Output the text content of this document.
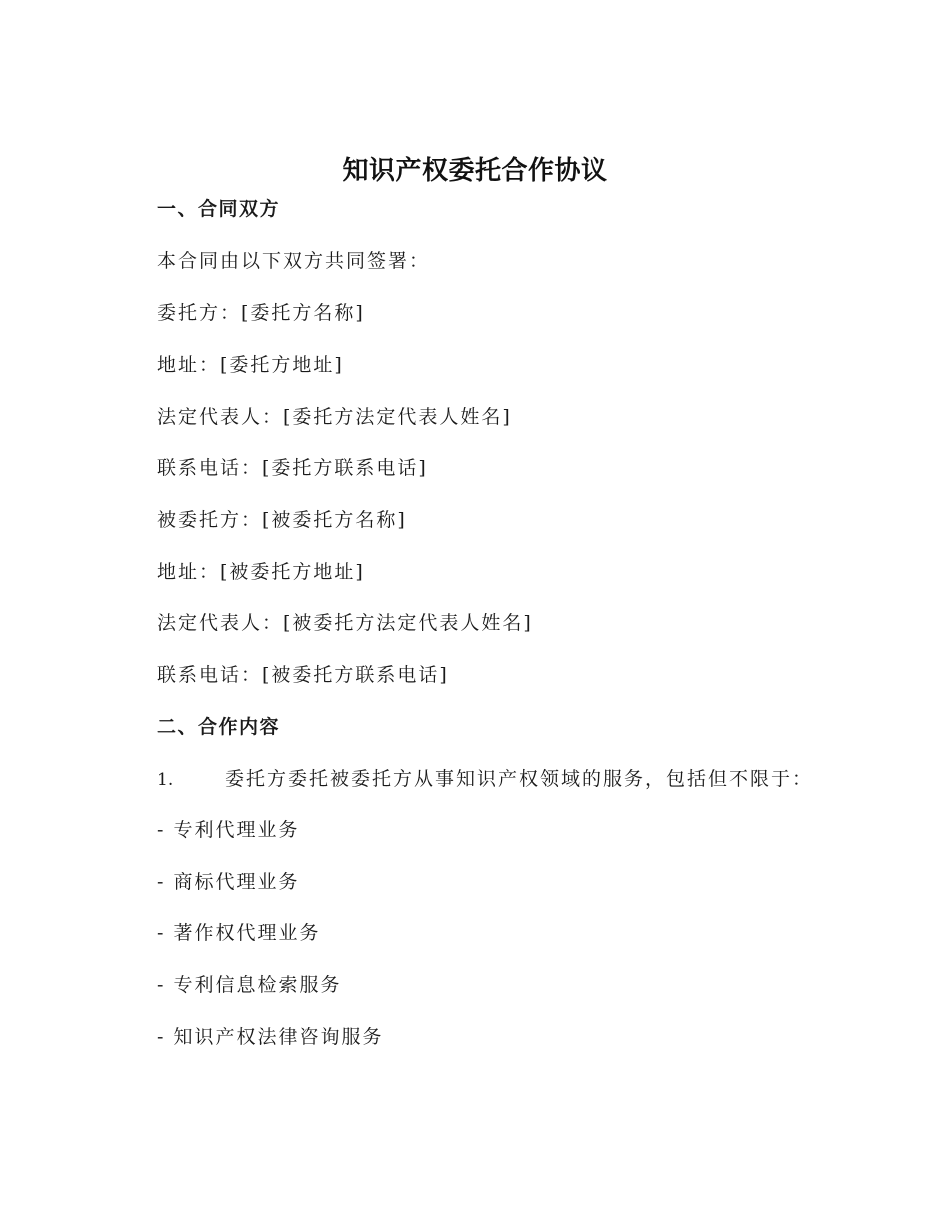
知识产权委托合作协议
一、合同双方
本合同由以下双方共同签署：
委托方：[委托方名称]
地址：[委托方地址]
法定代表人：[委托方法定代表人姓名]
联系电话：[委托方联系电话]
被委托方：[被委托方名称]
地址：[被委托方地址]
法定代表人：[被委托方法定代表人姓名]
联系电话：[被委托方联系电话]
二、合作内容
1.	委托方委托被委托方从事知识产权领域的服务，包括但不限于：
- 专利代理业务
- 商标代理业务
- 著作权代理业务
- 专利信息检索服务
- 知识产权法律咨询服务
